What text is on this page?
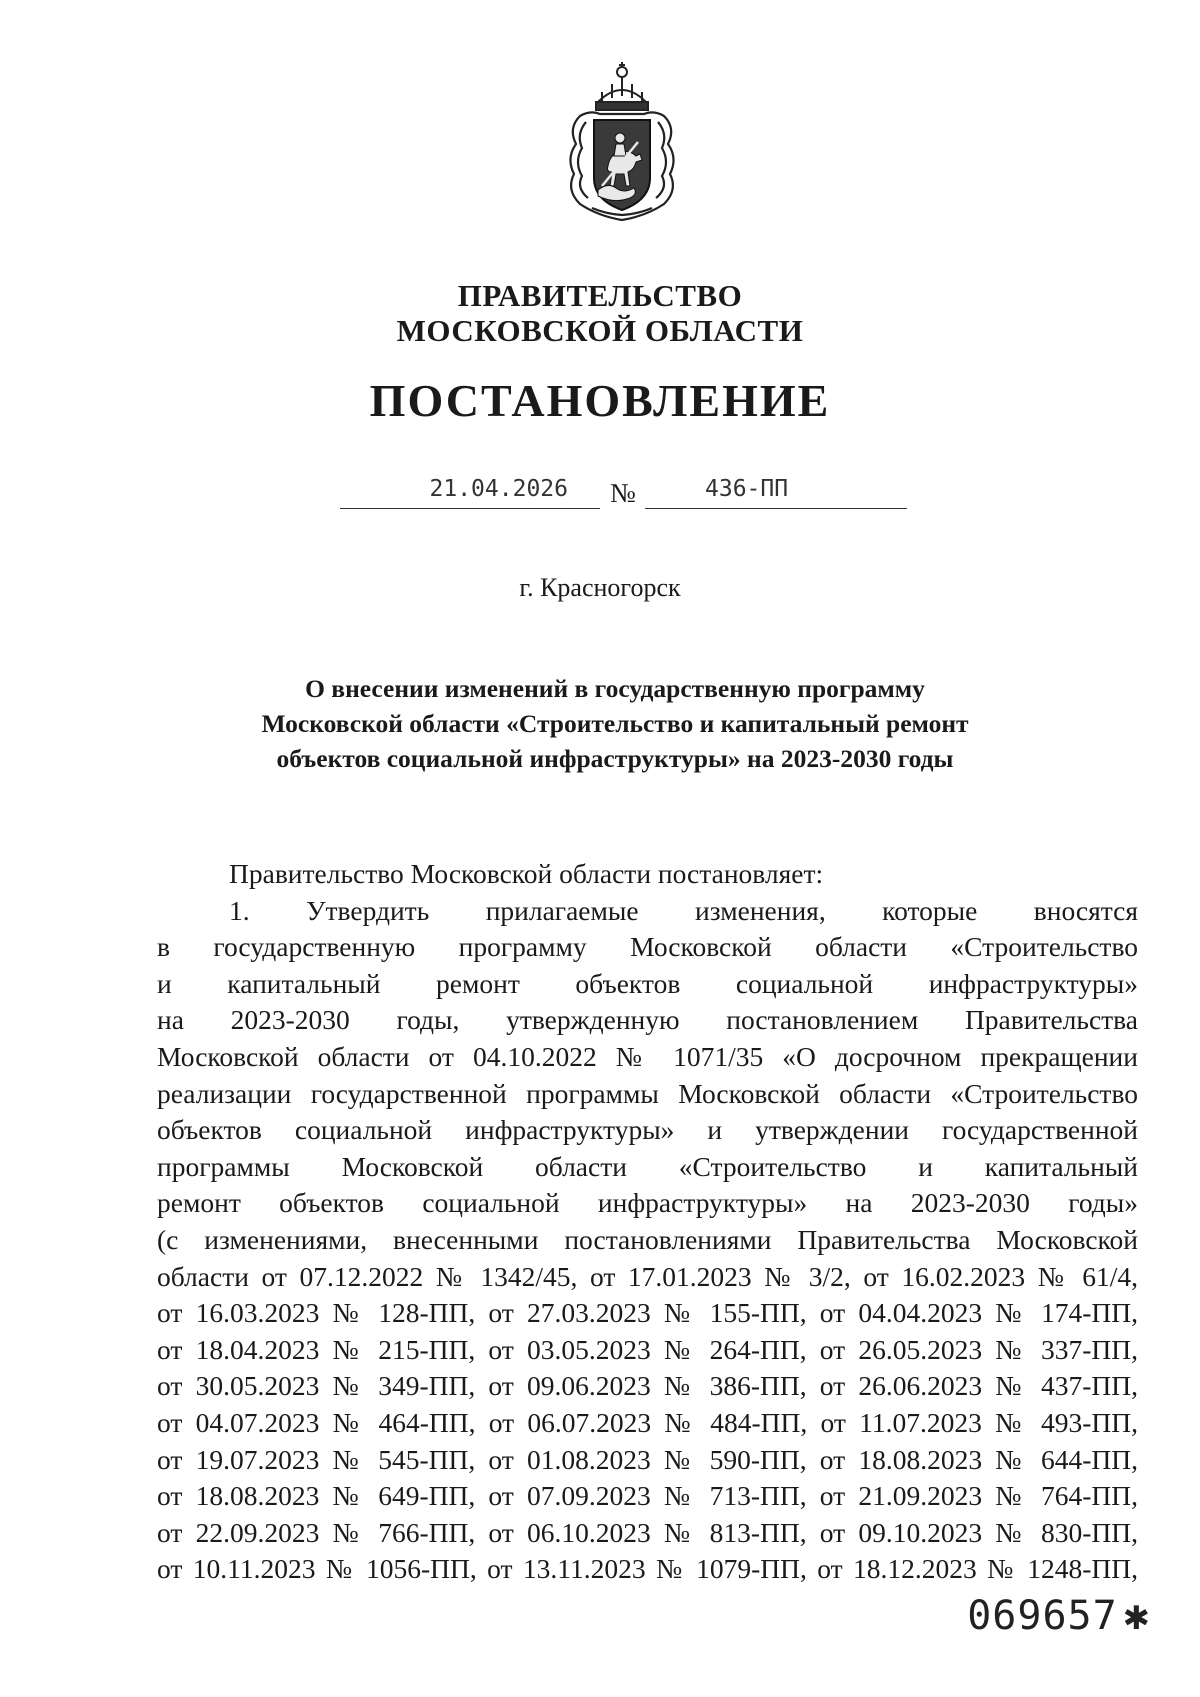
ПРАВИТЕЛЬСТВО
МОСКОВСКОЙ ОБЛАСТИ
ПОСТАНОВЛЕНИЕ
21.04.2026 №	436-ПП
г. Красногорск
О внесении изменений в государственную программу
Московской области «Строительство и капитальный ремонт
объектов социальной инфраструктуры» на 2023-2030 годы
Правительство Московской области постановляет:
1. Утвердить прилагаемые изменения, которые вносятся
в государственную программу Московской области «Строительство
и капитальный ремонт объектов социальной инфраструктуры»
на 2023-2030 годы, утвержденную постановлением Правительства
Московской области от 04.10.2022 № 1071/35 «О досрочном прекращении
реализации государственной программы Московской области «Строительство
объектов социальной инфраструктуры» и утверждении государственной
программы Московской области «Строительство и капитальный
ремонт объектов социальной инфраструктуры» на 2023-2030 годы»
(с изменениями, внесенными постановлениями Правительства Московской
области от 07.12.2022 № 1342/45, от 17.01.2023 № 3/2, от 16.02.2023 № 61/4,
от 16.03.2023 № 128-ПП, от 27.03.2023 № 155-ПП, от 04.04.2023 № 174-ПП,
от 18.04.2023 № 215-ПП, от 03.05.2023 № 264-ПП, от 26.05.2023 № 337-ПП,
от 30.05.2023 № 349-ПП, от 09.06.2023 № 386-ПП, от 26.06.2023 № 437-ПП,
от 04.07.2023 № 464-ПП, от 06.07.2023 № 484-ПП, от 11.07.2023 № 493-ПП,
от 19.07.2023 № 545-ПП, от 01.08.2023 № 590-ПП, от 18.08.2023 № 644-ПП,
от 18.08.2023 № 649-ПП, от 07.09.2023 № 713-ПП, от 21.09.2023 № 764-ПП,
от 22.09.2023 № 766-ПП, от 06.10.2023 № 813-ПП, от 09.10.2023 № 830-ПП,
от 10.11.2023 № 1056-ПП, от 13.11.2023 № 1079-ПП, от 18.12.2023 № 1248-ПП,
069657 ✱
